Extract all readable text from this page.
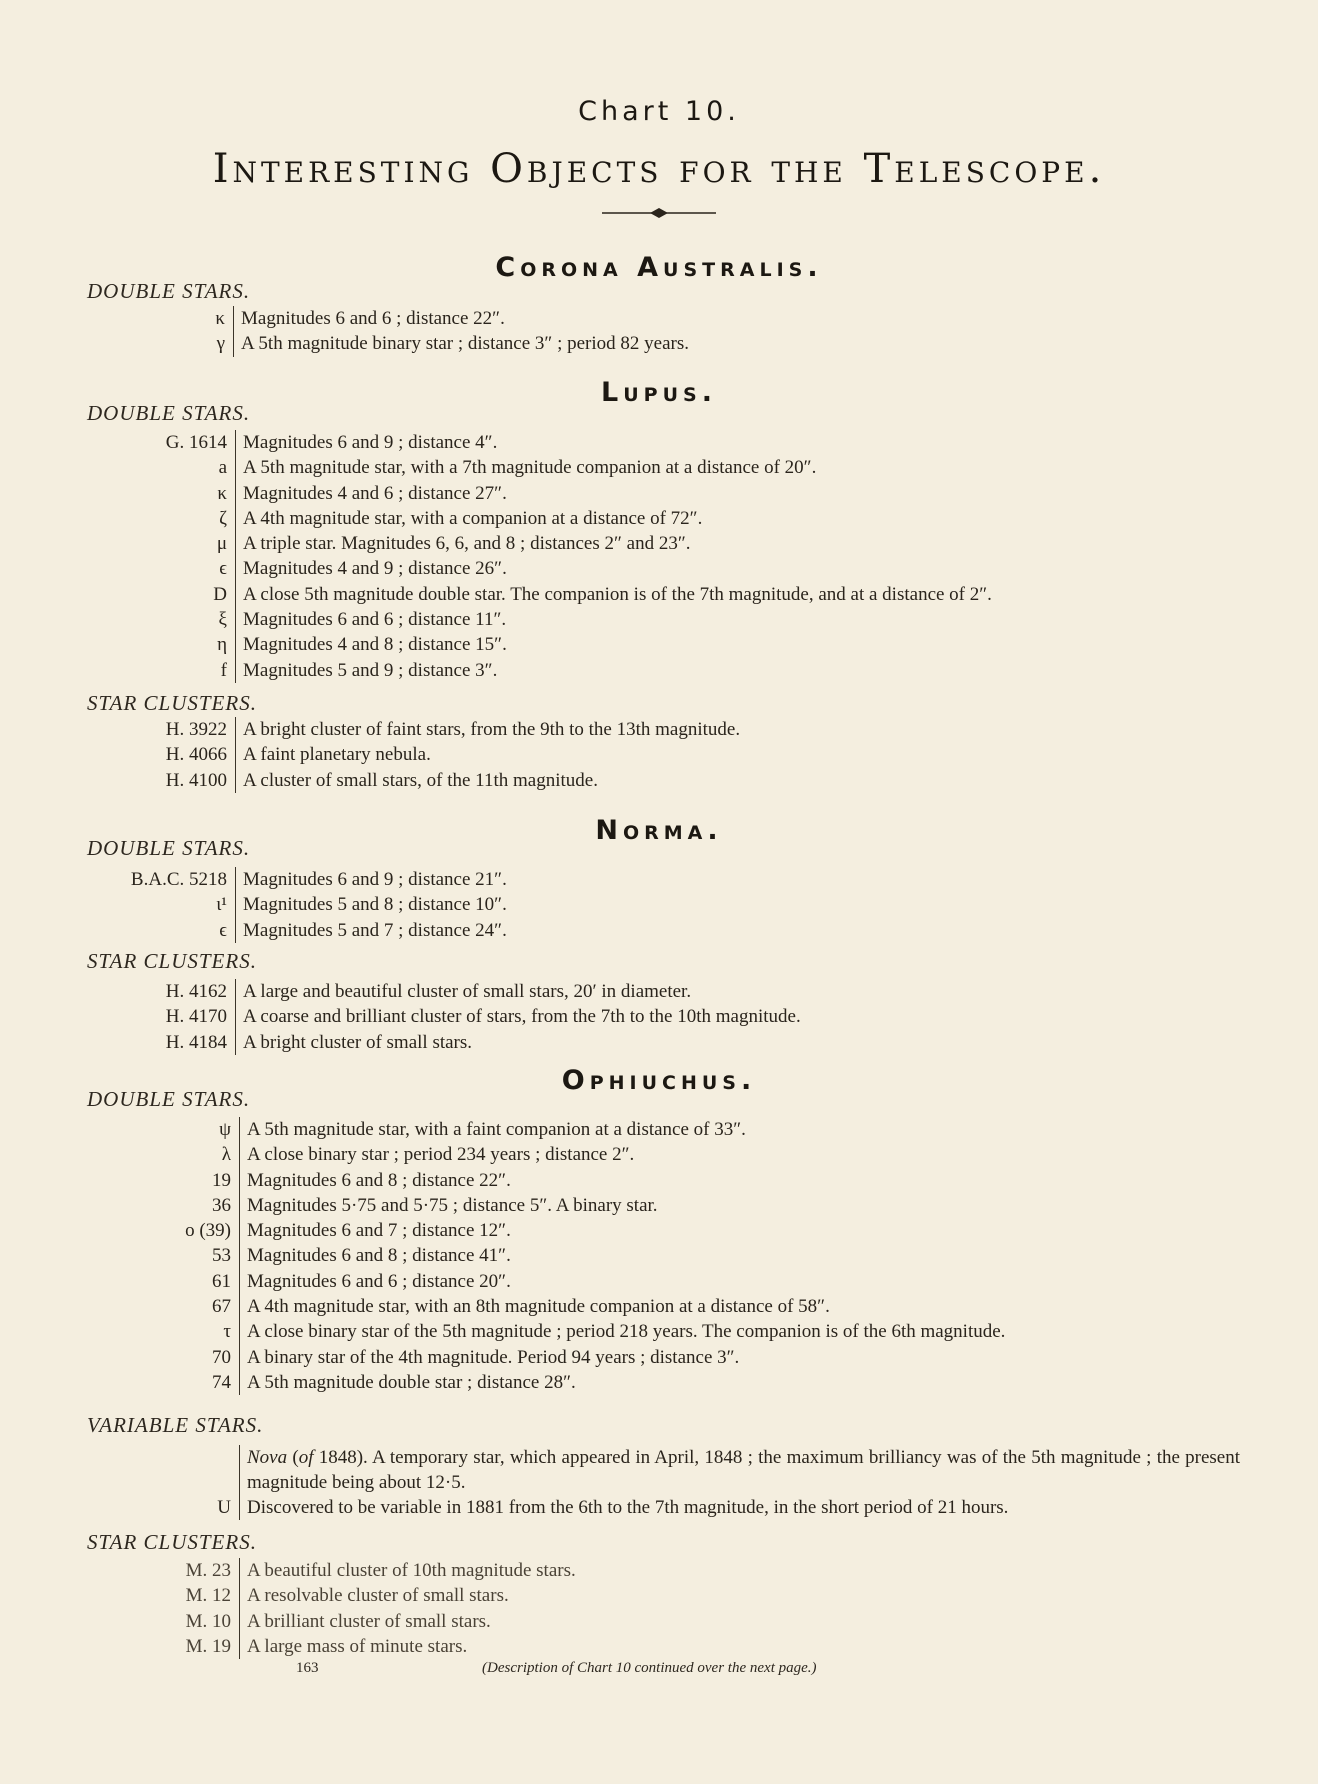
Chart 10.
Interesting Objects for the Telescope.
Corona Australis.
DOUBLE STARS.
κ	Magnitudes 6 and 6 ; distance 22″.
γ	A 5th magnitude binary star ; distance 3″ ; period 82 years.
Lupus.
DOUBLE STARS.
G. 1614	Magnitudes 6 and 9 ; distance 4″.
a	A 5th magnitude star, with a 7th magnitude companion at a distance of 20″.
κ	Magnitudes 4 and 6 ; distance 27″.
ζ	A 4th magnitude star, with a companion at a distance of 72″.
μ	A triple star. Magnitudes 6, 6, and 8 ; distances 2″ and 23″.
ϵ	Magnitudes 4 and 9 ; distance 26″.
D	A close 5th magnitude double star. The companion is of the 7th magnitude, and at a distance of 2″.
ξ	Magnitudes 6 and 6 ; distance 11″.
η	Magnitudes 4 and 8 ; distance 15″.
f	Magnitudes 5 and 9 ; distance 3″.
STAR CLUSTERS.
H. 3922	A bright cluster of faint stars, from the 9th to the 13th magnitude.
H. 4066	A faint planetary nebula.
H. 4100	A cluster of small stars, of the 11th magnitude.
Norma.
DOUBLE STARS.
B.A.C. 5218	Magnitudes 6 and 9 ; distance 21″.
ι¹	Magnitudes 5 and 8 ; distance 10″.
ϵ	Magnitudes 5 and 7 ; distance 24″.
STAR CLUSTERS.
H. 4162	A large and beautiful cluster of small stars, 20′ in diameter.
H. 4170	A coarse and brilliant cluster of stars, from the 7th to the 10th magnitude.
H. 4184	A bright cluster of small stars.
Ophiuchus.
DOUBLE STARS.
ψ	A 5th magnitude star, with a faint companion at a distance of 33″.
λ	A close binary star ; period 234 years ; distance 2″.
19	Magnitudes 6 and 8 ; distance 22″.
36	Magnitudes 5·75 and 5·75 ; distance 5″. A binary star.
o (39)	Magnitudes 6 and 7 ; distance 12″.
53	Magnitudes 6 and 8 ; distance 41″.
61	Magnitudes 6 and 6 ; distance 20″.
67	A 4th magnitude star, with an 8th magnitude companion at a distance of 58″.
τ	A close binary star of the 5th magnitude ; period 218 years. The companion is of the 6th magnitude.
70	A binary star of the 4th magnitude. Period 94 years ; distance 3″.
74	A 5th magnitude double star ; distance 28″.
VARIABLE STARS.
	Nova (of 1848). A temporary star, which appeared in April, 1848 ; the maximum brilliancy was of the 5th magnitude ; the present magnitude being about 12·5.
U	Discovered to be variable in 1881 from the 6th to the 7th magnitude, in the short period of 21 hours.
STAR CLUSTERS.
M. 23	A beautiful cluster of 10th magnitude stars.
M. 12	A resolvable cluster of small stars.
M. 10	A brilliant cluster of small stars.
M. 19	A large mass of minute stars.
163	(Description of Chart 10 continued over the next page.)
